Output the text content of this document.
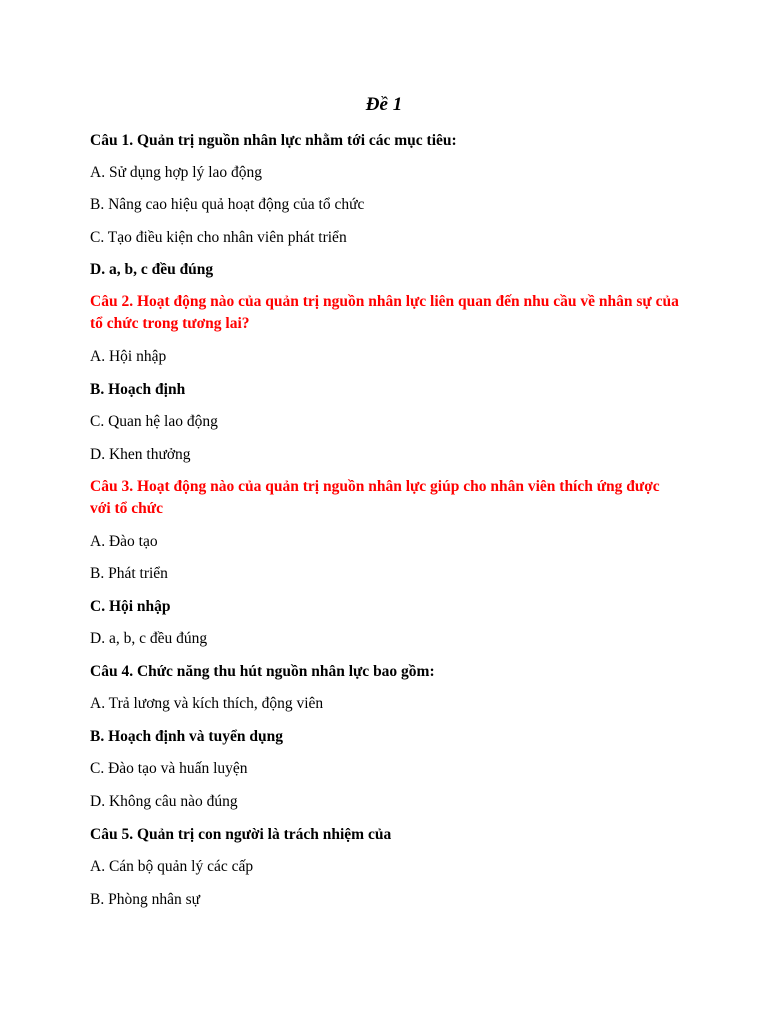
Đề 1
Câu 1. Quản trị nguồn nhân lực nhằm tới các mục tiêu:
A. Sử dụng hợp lý lao động
B. Nâng cao hiệu quả hoạt động của tổ chức
C. Tạo điều kiện cho nhân viên phát triển
D. a, b, c đều đúng
Câu 2. Hoạt động nào của quản trị nguồn nhân lực liên quan đến nhu cầu về nhân sự của tổ chức trong tương lai?
A. Hội nhập
B. Hoạch định
C. Quan hệ lao động
D. Khen thưởng
Câu 3. Hoạt động nào của quản trị nguồn nhân lực giúp cho nhân viên thích ứng được với tổ chức
A. Đào tạo
B. Phát triển
C. Hội nhập
D. a, b, c đều đúng
Câu 4. Chức năng thu hút nguồn nhân lực bao gồm:
A. Trả lương và kích thích, động viên
B. Hoạch định và tuyển dụng
C. Đào tạo và huấn luyện
D. Không câu nào đúng
Câu 5. Quản trị con người là trách nhiệm của
A. Cán bộ quản lý các cấp
B. Phòng nhân sự
